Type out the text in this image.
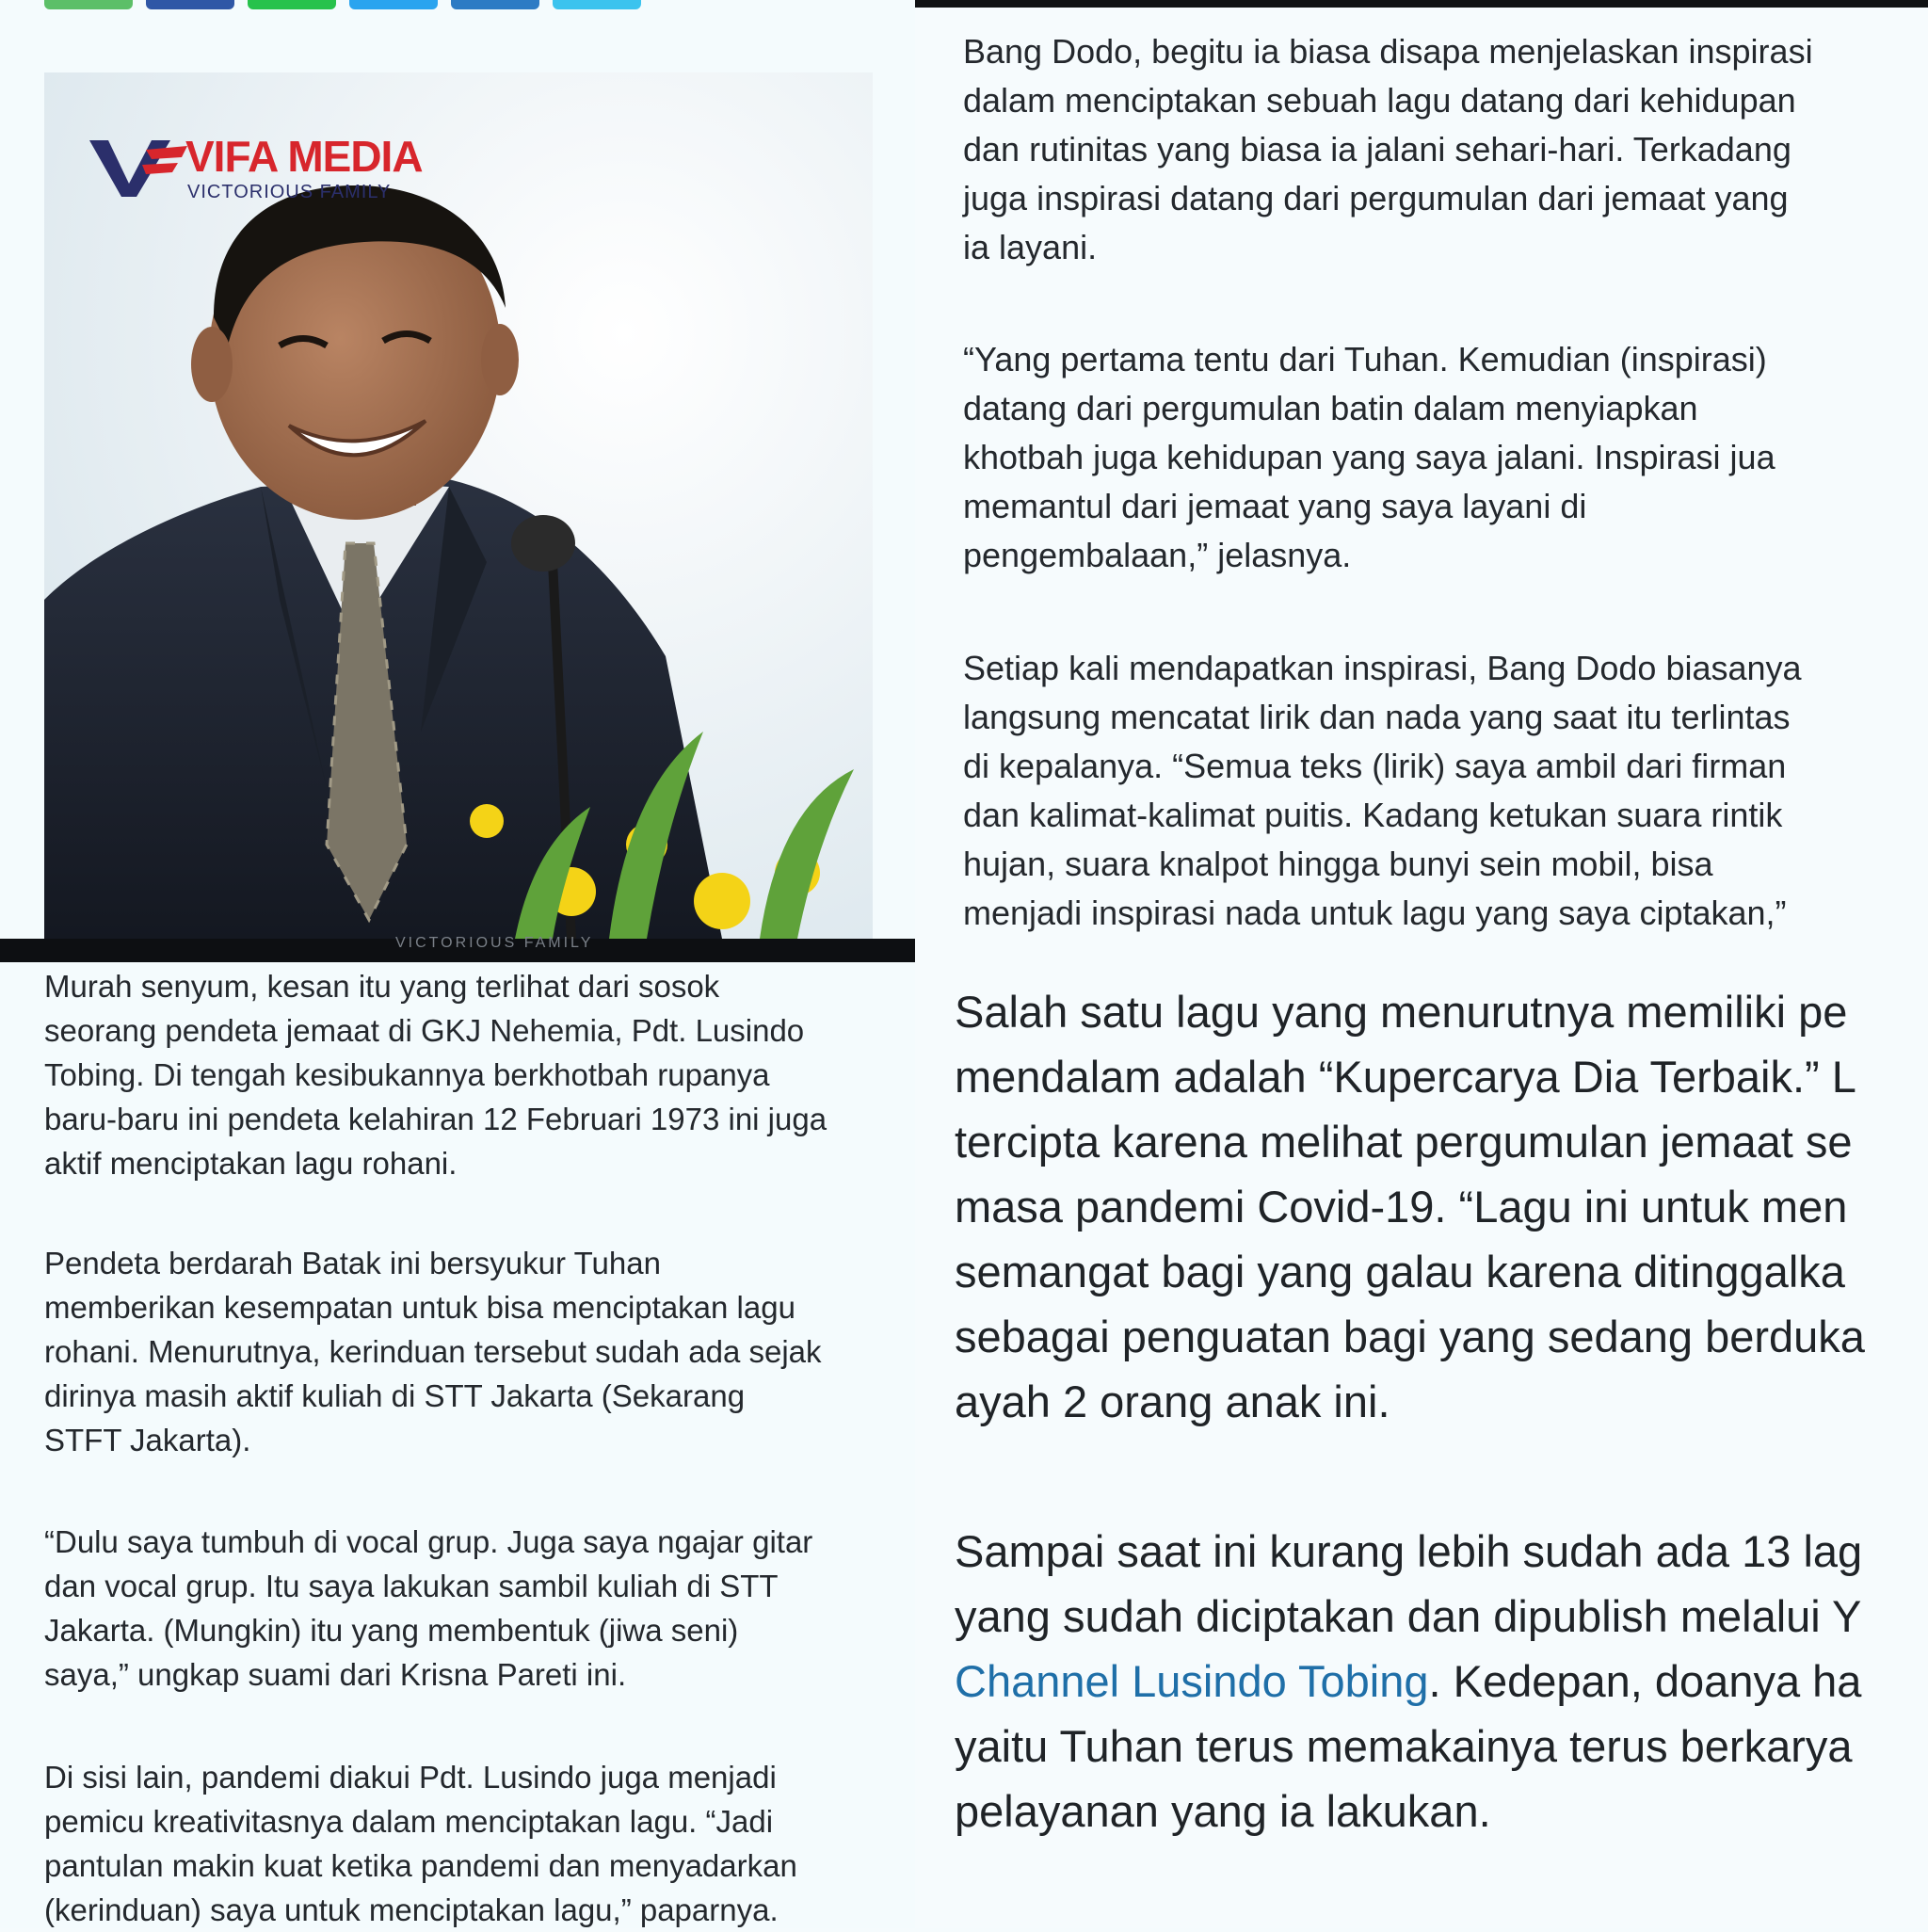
VIFA MEDIA
VICTORIOUS FAMILY
VICTORIOUS FAMILY

Murah senyum, kesan itu yang terlihat dari sosok
seorang pendeta jemaat di GKJ Nehemia, Pdt. Lusindo
Tobing. Di tengah kesibukannya berkhotbah rupanya
baru-baru ini pendeta kelahiran 12 Februari 1973 ini juga
aktif menciptakan lagu rohani.

Pendeta berdarah Batak ini bersyukur Tuhan
memberikan kesempatan untuk bisa menciptakan lagu
rohani. Menurutnya, kerinduan tersebut sudah ada sejak
dirinya masih aktif kuliah di STT Jakarta (Sekarang
STFT Jakarta).

“Dulu saya tumbuh di vocal grup. Juga saya ngajar gitar
dan vocal grup. Itu saya lakukan sambil kuliah di STT
Jakarta. (Mungkin) itu yang membentuk (jiwa seni)
saya,” ungkap suami dari Krisna Pareti ini.

Di sisi lain, pandemi diakui Pdt. Lusindo juga menjadi
pemicu kreativitasnya dalam menciptakan lagu. “Jadi
pantulan makin kuat ketika pandemi dan menyadarkan
(kerinduan) saya untuk menciptakan lagu,” paparnya.

Bang Dodo, begitu ia biasa disapa menjelaskan inspirasi
dalam menciptakan sebuah lagu datang dari kehidupan
dan rutinitas yang biasa ia jalani sehari-hari. Terkadang
juga inspirasi datang dari pergumulan dari jemaat yang
ia layani.

“Yang pertama tentu dari Tuhan. Kemudian (inspirasi)
datang dari pergumulan batin dalam menyiapkan
khotbah juga kehidupan yang saya jalani. Inspirasi jua
memantul dari jemaat yang saya layani di
pengembalaan,” jelasnya.

Setiap kali mendapatkan inspirasi, Bang Dodo biasanya
langsung mencatat lirik dan nada yang saat itu terlintas
di kepalanya. “Semua teks (lirik) saya ambil dari firman
dan kalimat-kalimat puitis. Kadang ketukan suara rintik
hujan, suara knalpot hingga bunyi sein mobil, bisa
menjadi inspirasi nada untuk lagu yang saya ciptakan,”

Salah satu lagu yang menurutnya memiliki pe
mendalam adalah “Kupercarya Dia Terbaik.” L
tercipta karena melihat pergumulan jemaat se
masa pandemi Covid-19. “Lagu ini untuk men
semangat bagi yang galau karena ditinggalka
sebagai penguatan bagi yang sedang berduka
ayah 2 orang anak ini.

Sampai saat ini kurang lebih sudah ada 13 lag
yang sudah diciptakan dan dipublish melalui Y
Channel Lusindo Tobing. Kedepan, doanya ha
yaitu Tuhan terus memakainya terus berkarya
pelayanan yang ia lakukan.
